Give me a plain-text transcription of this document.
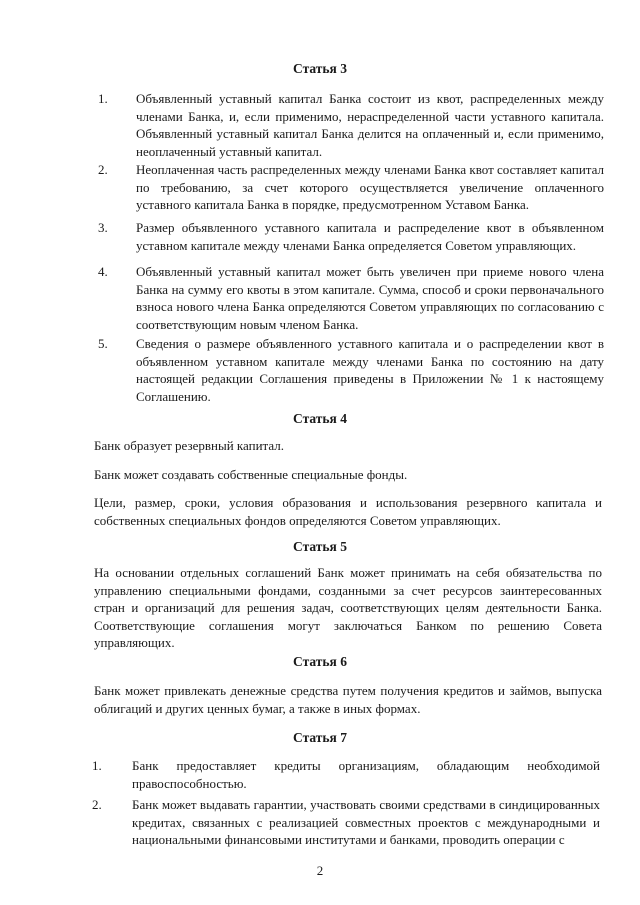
Статья 3
1. Объявленный уставный капитал Банка состоит из квот, распределенных между членами Банка, и, если применимо, нераспределенной части уставного капитала. Объявленный уставный капитал Банка делится на оплаченный и, если применимо, неоплаченный уставный капитал.
2. Неоплаченная часть распределенных между членами Банка квот составляет капитал по требованию, за счет которого осуществляется увеличение оплаченного уставного капитала Банка в порядке, предусмотренном Уставом Банка.
3. Размер объявленного уставного капитала и распределение квот в объявленном уставном капитале между членами Банка определяется Советом управляющих.
4. Объявленный уставный капитал может быть увеличен при приеме нового члена Банка на сумму его квоты в этом капитале. Сумма, способ и сроки первоначального взноса нового члена Банка определяются Советом управляющих по согласованию с соответствующим новым членом Банка.
5. Сведения о размере объявленного уставного капитала и о распределении квот в объявленном уставном капитале между членами Банка по состоянию на дату настоящей редакции Соглашения приведены в Приложении № 1 к настоящему Соглашению.
Статья 4
Банк образует резервный капитал.
Банк может создавать собственные специальные фонды.
Цели, размер, сроки, условия образования и использования резервного капитала и собственных специальных фондов определяются Советом управляющих.
Статья 5
На основании отдельных соглашений Банк может принимать на себя обязательства по управлению специальными фондами, созданными за счет ресурсов заинтересованных стран и организаций для решения задач, соответствующих целям деятельности Банка. Соответствующие соглашения могут заключаться Банком по решению Совета управляющих.
Статья 6
Банк может привлекать денежные средства путем получения кредитов и займов, выпуска облигаций и других ценных бумаг, а также в иных формах.
Статья 7
1. Банк предоставляет кредиты организациям, обладающим необходимой правоспособностью.
2. Банк может выдавать гарантии, участвовать своими средствами в синдицированных кредитах, связанных с реализацией совместных проектов с международными и национальными финансовыми институтами и банками, проводить операции с
2
